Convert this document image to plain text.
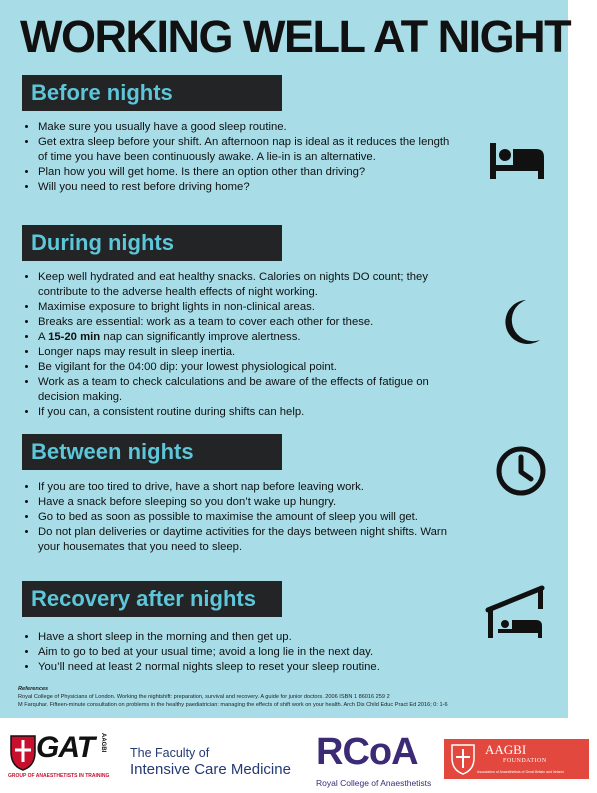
WORKING WELL AT NIGHT
Before nights
• Make sure you usually have a good sleep routine.
• Get extra sleep before your shift. An afternoon nap is ideal as it reduces the length of time you have been continuously awake. A lie-in is an alternative.
• Plan how you will get home. Is there an option other than driving?
• Will you need to rest before driving home?
During nights
• Keep well hydrated and eat healthy snacks. Calories on nights DO count; they contribute to the adverse health effects of night working.
• Maximise exposure to bright lights in non-clinical areas.
• Breaks are essential: work as a team to cover each other for these.
• A 15-20 min nap can significantly improve alertness.
• Longer naps may result in sleep inertia.
• Be vigilant for the 04:00 dip: your lowest physiological point.
• Work as a team to check calculations and be aware of the effects of fatigue on decision making.
• If you can, a consistent routine during shifts can help.
Between nights
• If you are too tired to drive, have a short nap before leaving work.
• Have a snack before sleeping so you don’t wake up hungry.
• Go to bed as soon as possible to maximise the amount of sleep you will get.
• Do not plan deliveries or daytime activities for the days between night shifts. Warn your housemates that you need to sleep.
Recovery after nights
• Have a short sleep in the morning and then get up.
• Aim to go to bed at your usual time; avoid a long lie in the next day.
• You’ll need at least 2 normal nights sleep to reset your sleep routine.
References
Royal College of Physicians of London. Working the nightshift: preparation, survival and recovery. A guide for junior doctors. 2006 ISBN 1 86016 259 2
M Farquhar. Fifteen-minute consultation on problems in the healthy paediatrician: managing the effects of shift work on your health. Arch Dis Child Educ Pract Ed 2016; 0: 1-6
GAT AAGBI
GROUP OF ANAESTHETISTS IN TRAINING
The Faculty of
Intensive Care Medicine RCoA
Royal College of Anaesthetists
AAGBI
FOUNDATION
Association of Anaesthetists of Great Britain and Ireland
